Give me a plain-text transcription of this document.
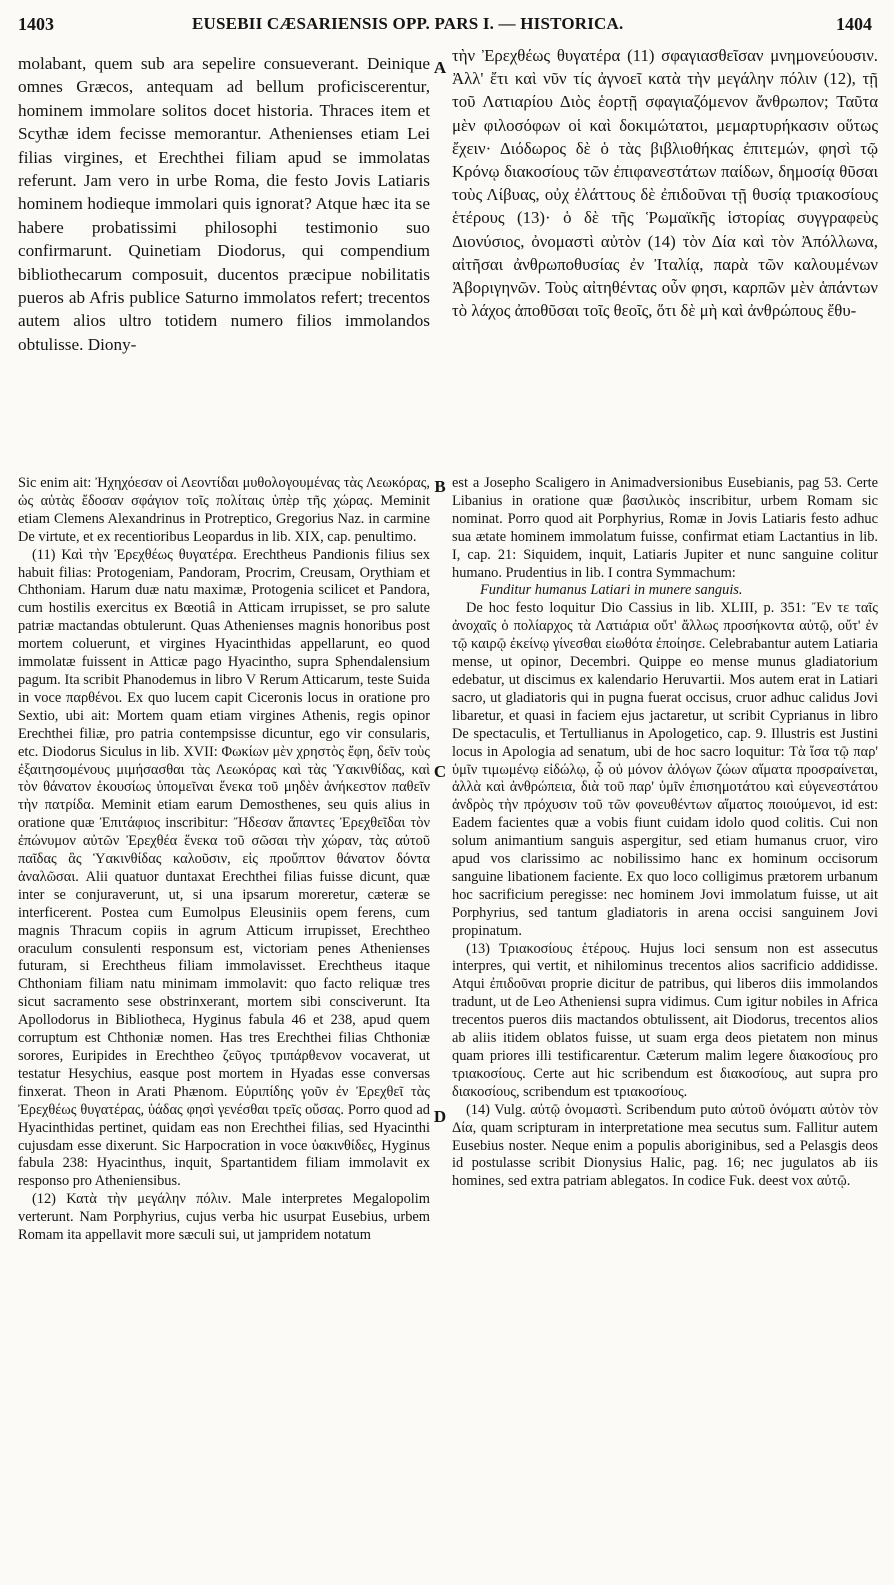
1403	EUSEBII CÆSARIENSIS OPP. PARS I. — HISTORICA.	1404

molabant, quem sub ara sepelire consueverant. Deinique omnes Græcos, antequam ad bellum proficiscerentur, hominem immolare solitos docet historia. Thraces item et Scythæ idem fecisse memorantur. Athenienses etiam Lei filias virgines, et Erechthei filiam apud se immolatas referunt. Jam vero in urbe Roma, die festo Jovis Latiaris hominem hodieque immolari quis ignorat? Atque hæc ita se habere probatissimi philosophi testimonio suo confirmarunt. Quinetiam Diodorus, qui compendium bibliothecarum composuit, ducentos præcipue nobilitatis pueros ab Afris publice Saturno immolatos refert; trecentos autem alios ultro totidem numero filios immolandos obtulisse. Diony-

τὴν Ἐρεχθέως θυγατέρα (11) σφαγιασθεῖσαν μνημονεύουσιν. Ἀλλ' ἔτι καὶ νῦν τίς ἀγνοεῖ κατὰ τὴν μεγάλην πόλιν (12), τῇ τοῦ Λατιαρίου Διὸς ἑορτῇ σφαγιαζόμενον ἄνθρωπον; Ταῦτα μὲν φιλοσόφων οἱ καὶ δοκιμώτατοι, μεμαρτυρήκασιν οὕτως ἔχειν· Διόδωρος δὲ ὁ τὰς βιβλιοθήκας ἐπιτεμών, φησὶ τῷ Κρόνῳ διακοσίους τῶν ἐπιφανεστάτων παίδων, δημοσίᾳ θῦσαι τοὺς Λίβυας, οὐχ ἐλάττους δὲ ἐπιδοῦναι τῇ θυσίᾳ τριακοσίους ἑτέρους (13)· ὁ δὲ τῆς Ῥωμαϊκῆς ἱστορίας συγγραφεὺς Διονύσιος, ὀνομαστὶ αὐτὸν (14) τὸν Δία καὶ τὸν Ἀπόλλωνα, αἰτῆσαι ἀνθρωποθυσίας ἐν Ἰταλίᾳ, παρὰ τῶν καλουμένων Ἀβοριγηνῶν. Τοὺς αἰτηθέντας οὖν φησι, καρπῶν μὲν ἁπάντων τὸ λάχος ἀποθῦσαι τοῖς θεοῖς, ὅτι δὲ μὴ καὶ ἀνθρώπους ἔθυ-

A
B
C
D

Sic enim ait: Ἠχηχόεσαν οἱ Λεοντίδαι μυθολογουμένας τὰς Λεωκόρας, ὡς αὑτὰς ἔδοσαν σφάγιον τοῖς πολίταις ὑπὲρ τῆς χώρας. Meminit etiam Clemens Alexandrinus in Protreptico, Gregorius Naz. in carmine De virtute, et ex recentioribus Leopardus in lib. XIX, cap. penultimo.

(11) Καὶ τὴν Ἐρεχθέως θυγατέρα. Erechtheus Pandionis filius sex habuit filias: Protogeniam, Pandoram, Procrim, Creusam, Orythiam et Chthoniam. Harum duæ natu maximæ, Protogenia scilicet et Pandora, cum hostilis exercitus ex Bœotiâ in Atticam irrupisset, se pro salute patriæ mactandas obtulerunt. Quas Athenienses magnis honoribus post mortem coluerunt, et virgines Hyacinthidas appellarunt, eo quod immolatæ fuissent in Atticæ pago Hyacintho, supra Sphendalensium pagum. Ita scribit Phanodemus in libro V Rerum Atticarum, teste Suida in voce παρθένοι. Ex quo lucem capit Ciceronis locus in oratione pro Sextio, ubi ait: Mortem quam etiam virgines Athenis, regis opinor Erechthei filiæ, pro patria contempsisse dicuntur, ego vir consularis, etc. Diodorus Siculus in lib. XVII: Φωκίων μὲν χρηστὸς ἔφη, δεῖν τοὺς ἐξαιτησομένους μιμήσασθαι τὰς Λεωκόρας καὶ τὰς Ὑακινθίδας, καὶ τὸν θάνατον ἑκουσίως ὑπομεῖναι ἕνεκα τοῦ μηδὲν ἀνήκεστον παθεῖν τὴν πατρίδα. Meminit etiam earum Demosthenes, seu quis alius in oratione quæ Ἐπιτάφιος inscribitur: Ἤδεσαν ἅπαντες Ἐρεχθεῖδαι τὸν ἐπώνυμον αὐτῶν Ἐρεχθέα ἕνεκα τοῦ σῶσαι τὴν χώραν, τὰς αὐτοῦ παῖδας ἃς Ὑακινθίδας καλοῦσιν, εἰς προὔπτον θάνατον δόντα ἀναλῶσαι. Alii quatuor duntaxat Erechthei filias fuisse dicunt, quæ inter se conjuraverunt, ut, si una ipsarum moreretur, cæteræ se interficerent. Postea cum Eumolpus Eleusiniis opem ferens, cum magnis Thracum copiis in agrum Atticum irrupisset, Erechtheo oraculum consulenti responsum est, victoriam penes Athenienses futuram, si Erechtheus filiam immolavisset. Erechtheus itaque Chthoniam filiam natu minimam immolavit: quo facto reliquæ tres sicut sacramento sese obstrinxerant, mortem sibi consciverunt. Ita Apollodorus in Bibliotheca, Hyginus fabula 46 et 238, apud quem corruptum est Chthoniæ nomen. Has tres Erechthei filias Chthoniæ sorores, Euripides in Erechtheo ζεῦγος τριπάρθενον vocaverat, ut testatur Hesychius, easque post mortem in Hyadas esse conversas finxerat. Theon in Arati Phænom. Εὐριπίδης γοῦν ἐν Ἐρεχθεῖ τὰς Ἐρεχθέως θυγατέρας, ὑάδας φησὶ γενέσθαι τρεῖς οὔσας. Porro quod ad Hyacinthidas pertinet, quidam eas non Erechthei filias, sed Hyacinthi cujusdam esse dixerunt. Sic Harpocration in voce ὑακινθίδες, Hyginus fabula 238: Hyacinthus, inquit, Spartantidem filiam immolavit ex responso pro Atheniensibus.

(12) Κατὰ τὴν μεγάλην πόλιν. Male interpretes Megalopolim verterunt. Nam Porphyrius, cujus verba hic usurpat Eusebius, urbem Romam ita appellavit more sæculi sui, ut jampridem notatum

est a Josepho Scaligero in Animadversionibus Eusebianis, pag 53. Certe Libanius in oratione quæ βασιλικὸς inscribitur, urbem Romam sic nominat. Porro quod ait Porphyrius, Romæ in Jovis Latiaris festo adhuc sua ætate hominem immolatum fuisse, confirmat etiam Lactantius in lib. I, cap. 21: Siquidem, inquit, Latiaris Jupiter et nunc sanguine colitur humano. Prudentius in lib. I contra Symmachum:

Funditur humanus Latiari in munere sanguis.

De hoc festo loquitur Dio Cassius in lib. XLIII, p. 351: Ἔν τε ταῖς ἀνοχαῖς ὁ πολίαρχος τὰ Λατιάρια οὔτ' ἄλλως προσήκοντα αὐτῷ, οὔτ' ἐν τῷ καιρῷ ἐκείνῳ γίνεσθαι εἰωθότα ἐποίησε. Celebrabantur autem Latiaria mense, ut opinor, Decembri. Quippe eo mense munus gladiatorium edebatur, ut discimus ex kalendario Heruvartii. Mos autem erat in Latiari sacro, ut gladiatoris qui in pugna fuerat occisus, cruor adhuc calidus Jovi libaretur, et quasi in faciem ejus jactaretur, ut scribit Cyprianus in libro De spectaculis, et Tertullianus in Apologetico, cap. 9. Illustris est Justini locus in Apologia ad senatum, ubi de hoc sacro loquitur: Τὰ ἴσα τῷ παρ' ὑμῖν τιμωμένῳ εἰδώλῳ, ᾧ οὐ μόνον ἀλόγων ζώων αἵματα προσραίνεται, ἀλλὰ καὶ ἀνθρώπεια, διὰ τοῦ παρ' ὑμῖν ἐπισημοτάτου καὶ εὐγενεστάτου ἀνδρὸς τὴν πρόχυσιν τοῦ τῶν φονευθέντων αἵματος ποιούμενοι, id est: Eadem facientes quæ a vobis fiunt cuidam idolo quod colitis. Cui non solum animantium sanguis aspergitur, sed etiam humanus cruor, viro apud vos clarissimo ac nobilissimo hanc ex hominum occisorum sanguine libationem faciente. Ex quo loco colligimus prætorem urbanum hoc sacrificium peregisse: nec hominem Jovi immolatum fuisse, ut ait Porphyrius, sed tantum gladiatoris in arena occisi sanguinem Jovi propinatum.

(13) Τριακοσίους ἑτέρους. Hujus loci sensum non est assecutus interpres, qui vertit, et nihilominus trecentos alios sacrificio addidisse. Atqui ἐπιδοῦναι proprie dicitur de patribus, qui liberos diis immolandos tradunt, ut de Leo Atheniensi supra vidimus. Cum igitur nobiles in Africa trecentos pueros diis mactandos obtulissent, ait Diodorus, trecentos alios ab aliis itidem oblatos fuisse, ut suam erga deos pietatem non minus quam priores illi testificarentur. Cæterum malim legere διακοσίους pro τριακοσίους. Certe aut hic scribendum est διακοσίους, aut supra pro διακοσίους, scribendum est τριακοσίους.

(14) Vulg. αὐτῷ ὀνομαστὶ. Scribendum puto αὐτοῦ ὀνόματι αὐτὸν τὸν Δία, quam scripturam in interpretatione mea secutus sum. Fallitur autem Eusebius noster. Neque enim a populis aboriginibus, sed a Pelasgis deos id postulasse scribit Dionysius Halic, pag. 16; nec jugulatos ab iis homines, sed extra patriam ablegatos. In codice Fuk. deest vox αὐτῷ.
